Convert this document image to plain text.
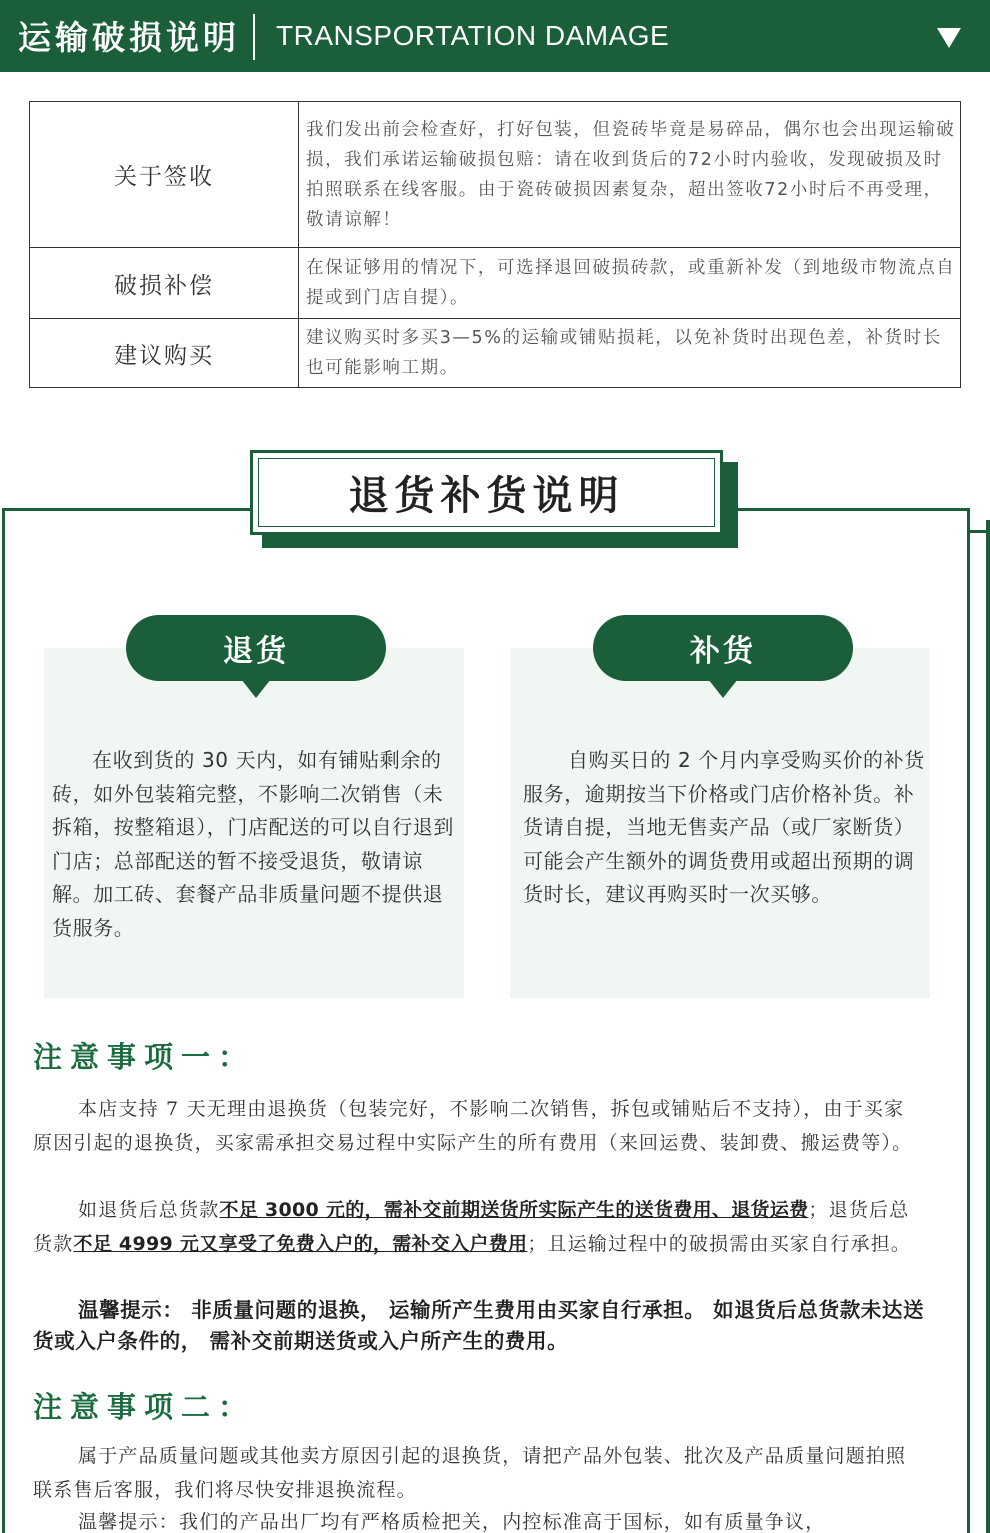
运输破损说明 TRANSPORTATION DAMAGE
关于签收	我们发出前会检查好，打好包装，但瓷砖毕竟是易碎品，偶尔也会出现运输破损，我们承诺运输破损包赔：请在收到货后的72小时内验收，发现破损及时拍照联系在线客服。由于瓷砖破损因素复杂，超出签收72小时后不再受理，敬请谅解！
破损补偿	在保证够用的情况下，可选择退回破损砖款，或重新补发（到地级市物流点自提或到门店自提）。
建议购买	建议购买时多买3—5%的运输或铺贴损耗，以免补货时出现色差，补货时长也可能影响工期。
退货补货说明
退货	补货
在收到货的 30 天内，如有铺贴剩余的砖，如外包装箱完整，不影响二次销售（未拆箱，按整箱退），门店配送的可以自行退到门店；总部配送的暂不接受退货，敬请谅解。加工砖、套餐产品非质量问题不提供退货服务。
自购买日的 2 个月内享受购买价的补货服务，逾期按当下价格或门店价格补货。补货请自提，当地无售卖产品（或厂家断货）可能会产生额外的调货费用或超出预期的调货时长，建议再购买时一次买够。
注意事项一：
本店支持 7 天无理由退换货（包装完好，不影响二次销售，拆包或铺贴后不支持），由于买家原因引起的退换货，买家需承担交易过程中实际产生的所有费用（来回运费、装卸费、搬运费等）。
如退货后总货款不足 3000 元的，需补交前期送货所实际产生的送货费用、退货运费；退货后总货款不足 4999 元又享受了免费入户的，需补交入户费用；且运输过程中的破损需由买家自行承担。
温馨提示： 非质量问题的退换， 运输所产生费用由买家自行承担。 如退货后总货款未达送货或入户条件的， 需补交前期送货或入户所产生的费用。
注意事项二：
属于产品质量问题或其他卖方原因引起的退换货，请把产品外包装、批次及产品质量问题拍照联系售后客服，我们将尽快安排退换流程。
温馨提示：我们的产品出厂均有严格质检把关，内控标准高于国标，如有质量争议，
